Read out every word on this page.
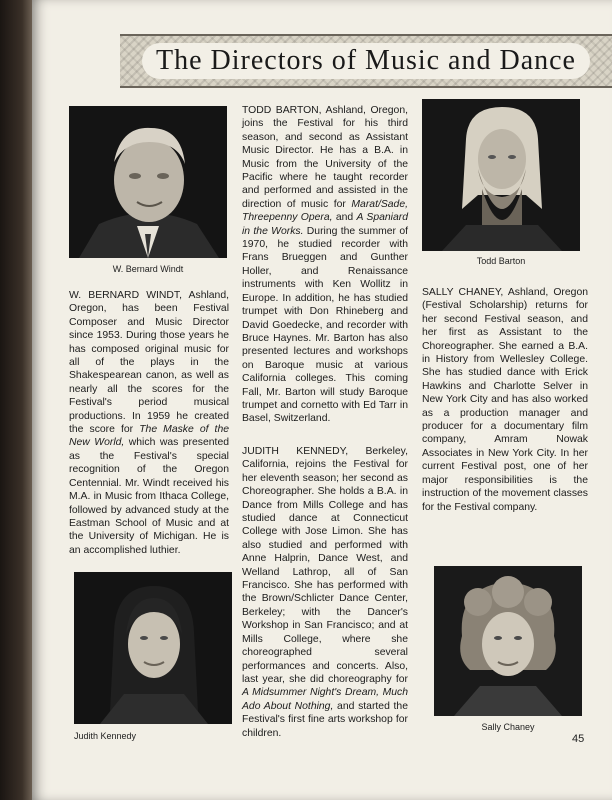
The Directors of Music and Dance
W. Bernard Windt

W. BERNARD WINDT, Ashland, Oregon, has been Festival Composer and Music Director since 1953. During those years he has composed original music for all of the plays in the Shakespearean canon, as well as nearly all the scores for the Festival's period musical productions. In 1959 he created the score for The Maske of the New World, which was presented as the Festival's special recognition of the Oregon Centennial. Mr. Windt received his M.A. in Music from Ithaca College, followed by advanced study at the Eastman School of Music and at the University of Michigan. He is an accomplished luthier.

TODD BARTON, Ashland, Oregon, joins the Festival for his third season, and second as Assistant Music Director. He has a B.A. in Music from the University of the Pacific where he taught recorder and performed and assisted in the direction of music for Marat/Sade, Threepenny Opera, and A Spaniard in the Works. During the summer of 1970, he studied recorder with Frans Brueggen and Gunther Holler, and Renaissance instruments with Ken Wollitz in Europe. In addition, he has studied trumpet with Don Rhineberg and David Goedecke, and recorder with Bruce Haynes. Mr. Barton has also presented lectures and workshops on Baroque music at various California colleges. This coming Fall, Mr. Barton will study Baroque trumpet and cornetto with Ed Tarr in Basel, Switzerland.

JUDITH KENNEDY, Berkeley, California, rejoins the Festival for her eleventh season; her second as Choreographer. She holds a B.A. in Dance from Mills College and has studied dance at Connecticut College with Jose Limon. She has also studied and performed with Anne Halprin, Dance West, and Welland Lathrop, all of San Francisco. She has performed with the Brown/Schlicter Dance Center, Berkeley; with the Dancer's Workshop in San Francisco; and at Mills College, where she choreographed several performances and concerts. Also, last year, she did choreography for A Midsummer Night's Dream, Much Ado About Nothing, and started the Festival's first fine arts workshop for children.

Todd Barton

SALLY CHANEY, Ashland, Oregon (Festival Scholarship) returns for her second Festival season, and her first as Assistant to the Choreographer. She earned a B.A. in History from Wellesley College. She has studied dance with Erick Hawkins and Charlotte Selver in New York City and has also worked as a production manager and producer for a documentary film company, Amram Nowak Associates in New York City. In her current Festival post, one of her major responsibilities is the instruction of the movement classes for the Festival company.

Judith Kennedy
Sally Chaney
45
